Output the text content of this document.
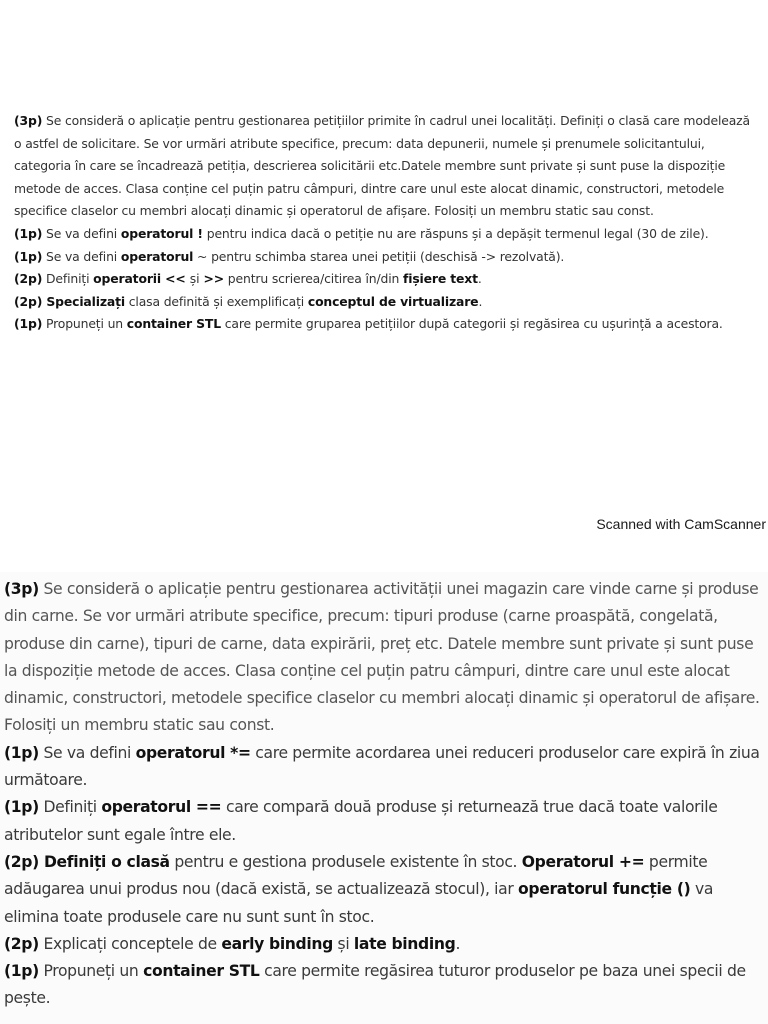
(3p) Se consideră o aplicație pentru gestionarea petițiilor primite în cadrul unei localități. Definiți o clasă care modelează o astfel de solicitare. Se vor urmări atribute specifice, precum: data depunerii, numele și prenumele solicitantului, categoria în care se încadrează petiția, descrierea solicitării etc.Datele membre sunt private și sunt puse la dispoziție metode de acces. Clasa conține cel puțin patru câmpuri, dintre care unul este alocat dinamic, constructori, metodele specifice claselor cu membri alocați dinamic și operatorul de afișare. Folosiți un membru static sau const.

(1p) Se va defini operatorul ! pentru indica dacă o petiție nu are răspuns și a depășit termenul legal (30 de zile).

(1p) Se va defini operatorul ~ pentru schimba starea unei petiții (deschisă -> rezolvată).

(2p) Definiți operatorii << și >> pentru scrierea/citirea în/din fișiere text.

(2p) Specializați clasa definită și exemplificați conceptul de virtualizare.

(1p) Propuneți un container STL care permite gruparea petițiilor după categorii și regăsirea cu ușurință a acestora.

Scanned with CamScanner

(3p) Se consideră o aplicație pentru gestionarea activității unei magazin care vinde carne și produse din carne. Se vor urmări atribute specifice, precum: tipuri produse (carne proaspătă, congelată, produse din carne), tipuri de carne, data expirării, preț etc. Datele membre sunt private și sunt puse la dispoziție metode de acces. Clasa conține cel puțin patru câmpuri, dintre care unul este alocat dinamic, constructori, metodele specifice claselor cu membri alocați dinamic și operatorul de afișare. Folosiți un membru static sau const.

(1p) Se va defini operatorul *= care permite acordarea unei reduceri produselor care expiră în ziua următoare.

(1p) Definiți operatorul == care compară două produse și returnează true dacă toate valorile atributelor sunt egale între ele.

(2p) Definiți o clasă pentru e gestiona produsele existente în stoc. Operatorul += permite adăugarea unui produs nou (dacă există, se actualizează stocul), iar operatorul funcție () va elimina toate produsele care nu sunt sunt în stoc.

(2p) Explicați conceptele de early binding și late binding.

(1p) Propuneți un container STL care permite regăsirea tuturor produselor pe baza unei specii de pește.
